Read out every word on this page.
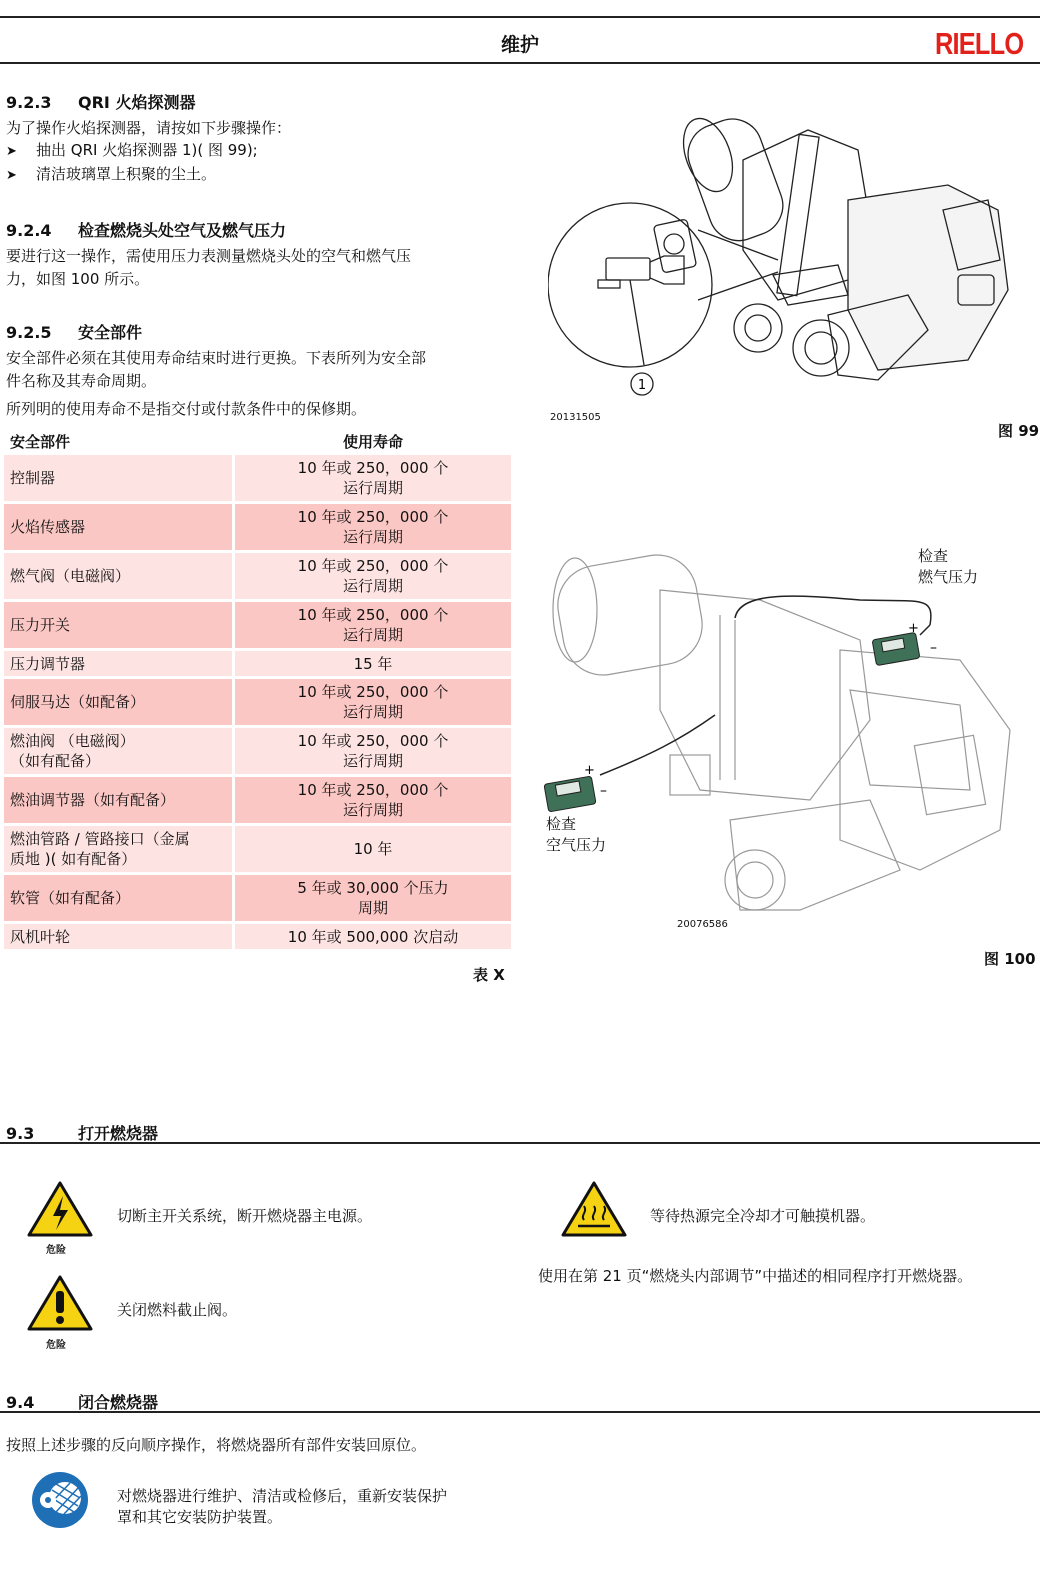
维护	RIELLO
9.2.3 QRI 火焰探测器
为了操作火焰探测器，请按如下步骤操作：
➤ 抽出 QRI 火焰探测器 1)( 图 99);
➤ 清洁玻璃罩上积聚的尘土。
9.2.4 检查燃烧头处空气及燃气压力
要进行这一操作，需使用压力表测量燃烧头处的空气和燃气压
力，如图 100 所示。
9.2.5 安全部件
安全部件必须在其使用寿命结束时进行更换。下表所列为安全部
件名称及其寿命周期。
所列明的使用寿命不是指交付或付款条件中的保修期。
安全部件	使用寿命
控制器	10 年或 250，000 个
运行周期
火焰传感器	10 年或 250，000 个
运行周期
燃气阀（电磁阀）	10 年或 250，000 个
运行周期
压力开关	10 年或 250，000 个
运行周期
压力调节器	15 年
伺服马达（如配备）	10 年或 250，000 个
运行周期
燃油阀 （电磁阀）
（如有配备）	10 年或 250，000 个
运行周期
燃油调节器（如有配备）	10 年或 250，000 个
运行周期
燃油管路 / 管路接口（金属
质地 )( 如有配备）	10 年
软管（如有配备）	5 年或 30,000 个压力
周期
风机叶轮	10 年或 500,000 次启动
表 X
1
20131505
图 99
+
–
+
–
检查
燃气压力
检查
空气压力
20076586
图 100
9.3	打开燃烧器
危险
切断主开关系统，断开燃烧器主电源。
危险
关闭燃料截止阀。
等待热源完全冷却才可触摸机器。
使用在第 21 页“燃烧头内部调节”中描述的相同程序打开燃烧器。
9.4	闭合燃烧器
按照上述步骤的反向顺序操作，将燃烧器所有部件安装回原位。
对燃烧器进行维护、清洁或检修后，重新安装保护
罩和其它安装防护装置。
